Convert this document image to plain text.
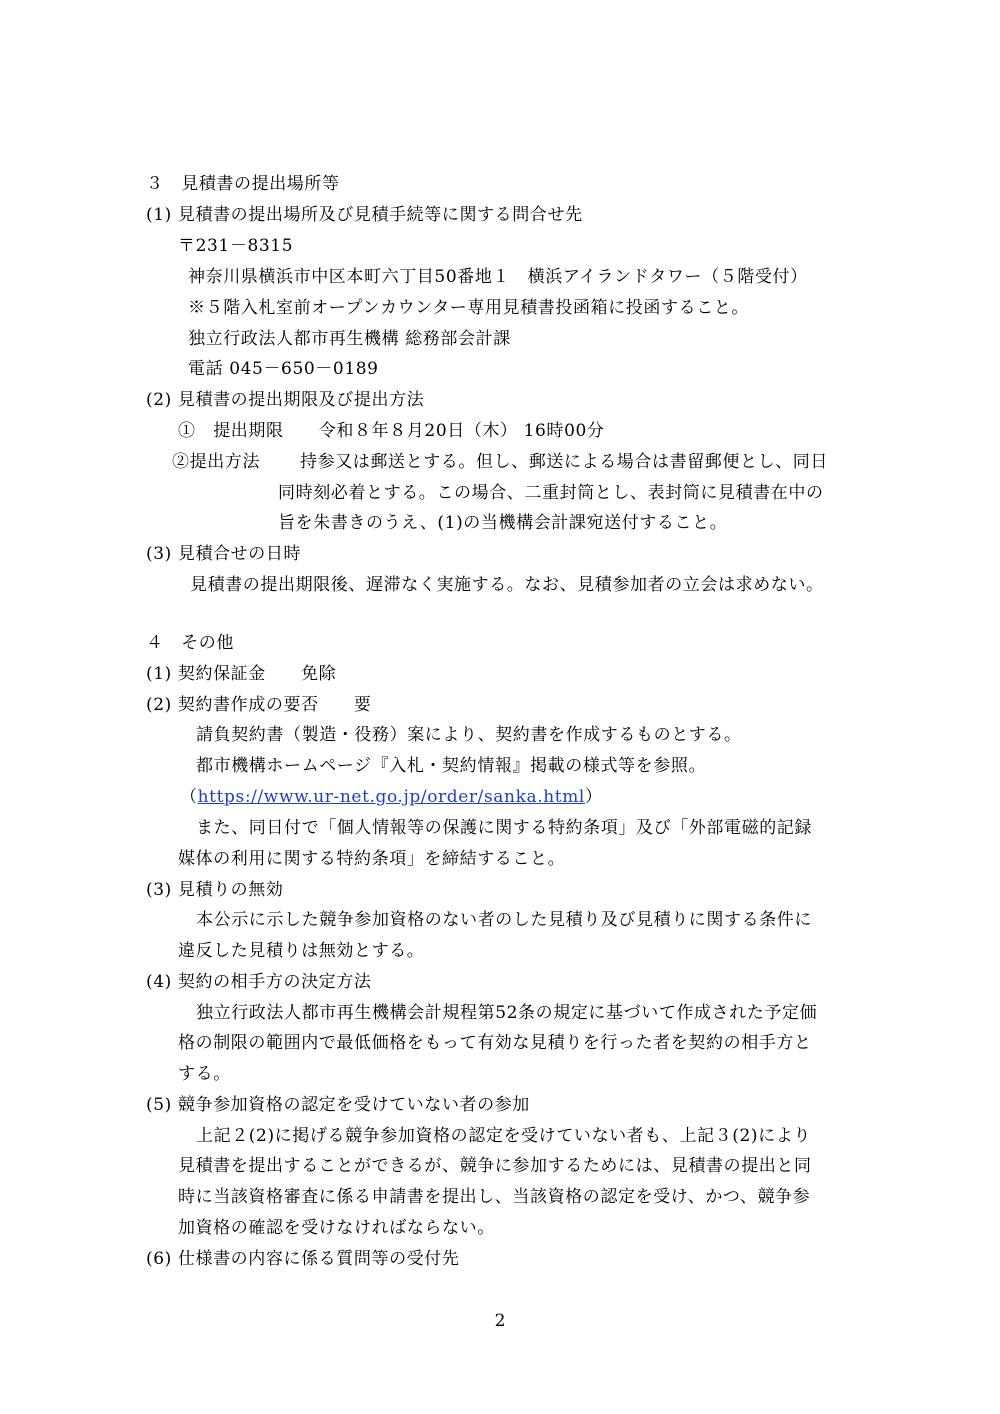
３　見積書の提出場所等
(1) 見積書の提出場所及び見積手続等に関する問合せ先
〒231－8315
神奈川県横浜市中区本町六丁目50番地１　横浜アイランドタワー（５階受付）
※５階入札室前オープンカウンター専用見積書投函箱に投函すること。
独立行政法人都市再生機構 総務部会計課
電話 045－650－0189
(2) 見積書の提出期限及び提出方法
①　提出期限　　令和８年８月20日（木） 16時00分
②提出方法 持参又は郵送とする。但し、郵送による場合は書留郵便とし、同日
同時刻必着とする。この場合、二重封筒とし、表封筒に見積書在中の
旨を朱書きのうえ、(1)の当機構会計課宛送付すること。
(3) 見積合せの日時
見積書の提出期限後、遅滞なく実施する。なお、見積参加者の立会は求めない。
４　その他
(1) 契約保証金　　免除
(2) 契約書作成の要否　　要
請負契約書（製造・役務）案により、契約書を作成するものとする。
都市機構ホームページ『入札・契約情報』掲載の様式等を参照。
（https://www.ur-net.go.jp/order/sanka.html）
また、同日付で「個人情報等の保護に関する特約条項」及び「外部電磁的記録
媒体の利用に関する特約条項」を締結すること。
(3) 見積りの無効
本公示に示した競争参加資格のない者のした見積り及び見積りに関する条件に
違反した見積りは無効とする。
(4) 契約の相手方の決定方法
独立行政法人都市再生機構会計規程第52条の規定に基づいて作成された予定価
格の制限の範囲内で最低価格をもって有効な見積りを行った者を契約の相手方と
する。
(5) 競争参加資格の認定を受けていない者の参加
上記２(2)に掲げる競争参加資格の認定を受けていない者も、上記３(2)により
見積書を提出することができるが、競争に参加するためには、見積書の提出と同
時に当該資格審査に係る申請書を提出し、当該資格の認定を受け、かつ、競争参
加資格の確認を受けなければならない。
(6) 仕様書の内容に係る質問等の受付先
2
